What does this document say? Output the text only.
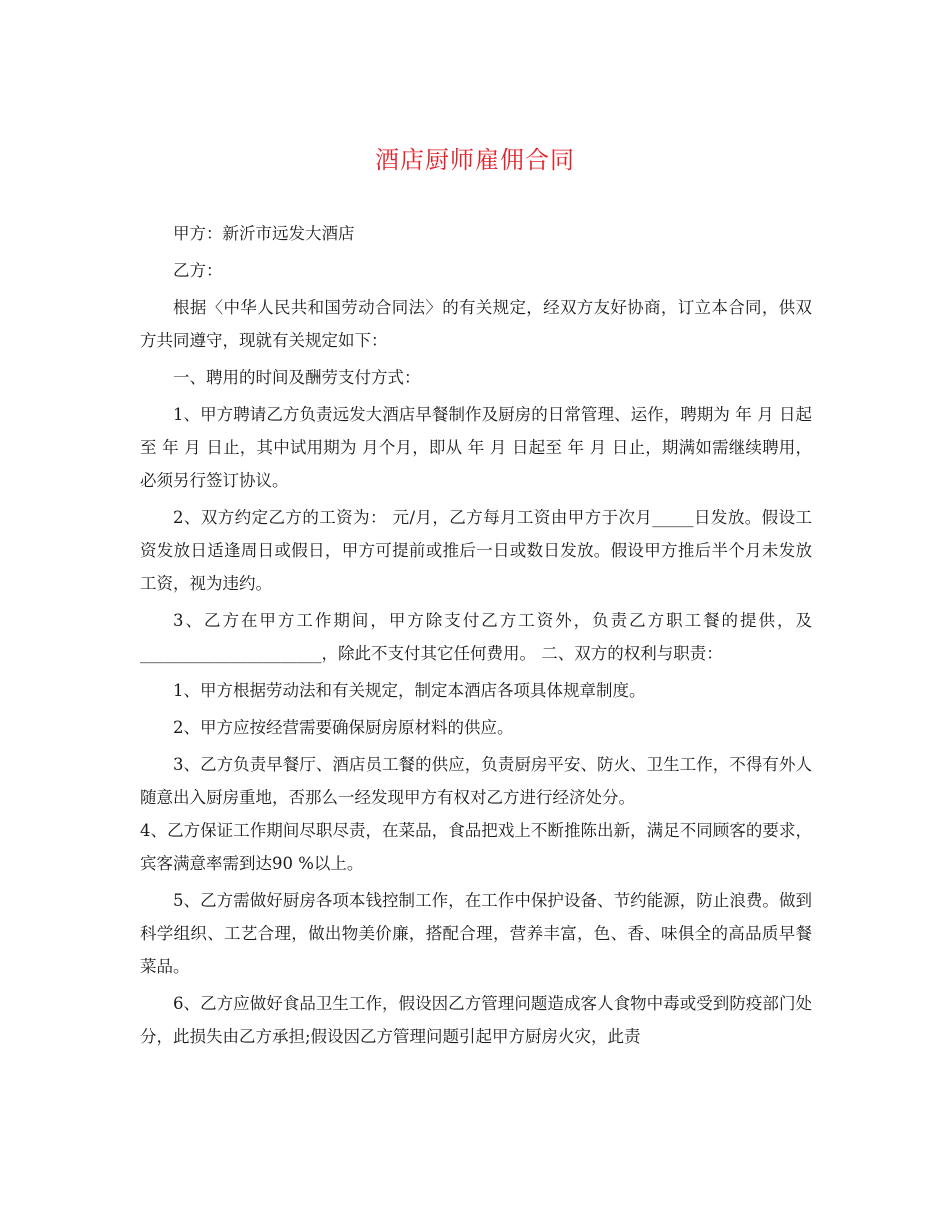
酒店厨师雇佣合同

甲方：新沂市远发大酒店

乙方：

根据〈中华人民共和国劳动合同法〉的有关规定，经双方友好协商，订立本合同，供双方共同遵守，现就有关规定如下：

一、聘用的时间及酬劳支付方式：

1、甲方聘请乙方负责远发大酒店早餐制作及厨房的日常管理、运作，聘期为 年 月 日起至 年 月 日止，其中试用期为 月个月，即从 年 月 日起至 年 月 日止，期满如需继续聘用，必须另行签订协议。

2、双方约定乙方的工资为： 元/月，乙方每月工资由甲方于次月_____日发放。假设工资发放日适逢周日或假日，甲方可提前或推后一日或数日发放。假设甲方推后半个月未发放工资，视为违约。

3、乙方在甲方工作期间，甲方除支付乙方工资外，负责乙方职工餐的提供，及______________________，除此不支付其它任何费用。 二、双方的权利与职责：

1、甲方根据劳动法和有关规定，制定本酒店各项具体规章制度。

2、甲方应按经营需要确保厨房原材料的供应。

3、乙方负责早餐厅、酒店员工餐的供应，负责厨房平安、防火、卫生工作，不得有外人随意出入厨房重地，否那么一经发现甲方有权对乙方进行经济处分。

4、乙方保证工作期间尽职尽责，在菜品，食品把戏上不断推陈出新，满足不同顾客的要求，宾客满意率需到达90 %以上。

5、乙方需做好厨房各项本钱控制工作，在工作中保护设备、节约能源，防止浪费。做到科学组织、工艺合理，做出物美价廉，搭配合理，营养丰富，色、香、味俱全的高品质早餐菜品。

6、乙方应做好食品卫生工作，假设因乙方管理问题造成客人食物中毒或受到防疫部门处分，此损失由乙方承担;假设因乙方管理问题引起甲方厨房火灾，此责
